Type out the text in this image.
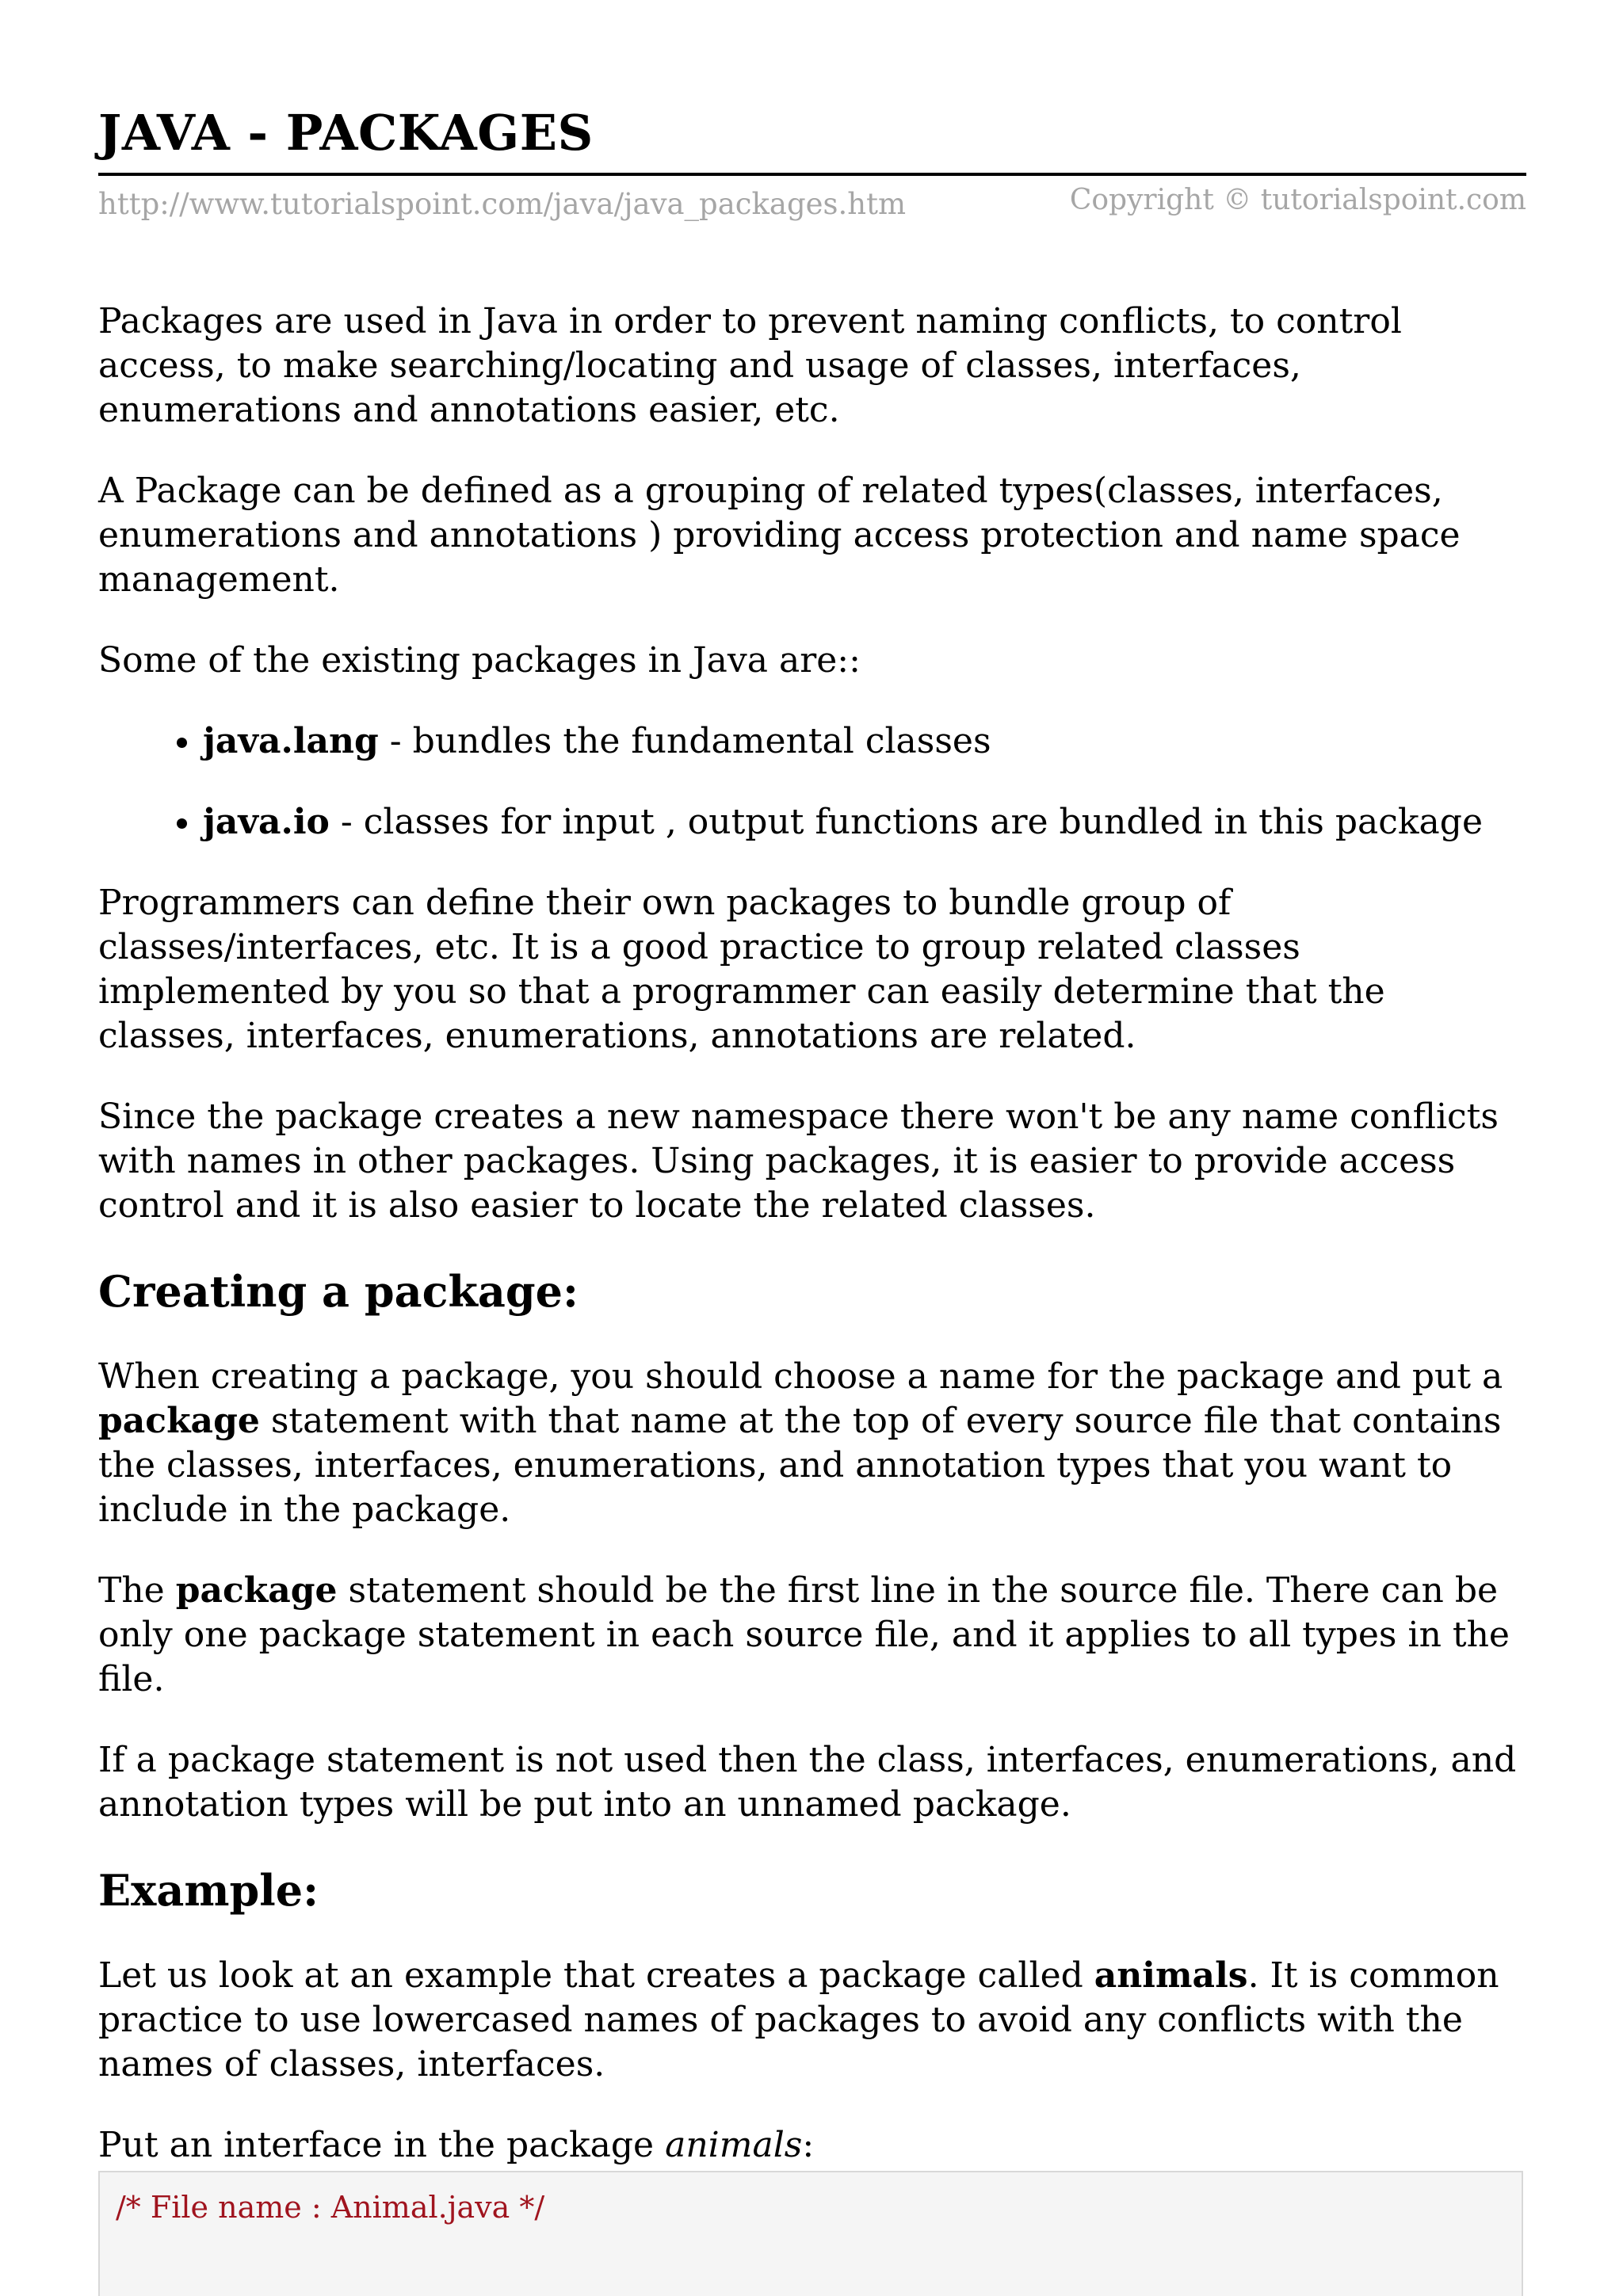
JAVA - PACKAGES
http://www.tutorialspoint.com/java/java_packages.htm	Copyright © tutorialspoint.com

Packages are used in Java in order to prevent naming conflicts, to control access, to make searching/locating and usage of classes, interfaces, enumerations and annotations easier, etc.

A Package can be defined as a grouping of related types(classes, interfaces, enumerations and annotations ) providing access protection and name space management.

Some of the existing packages in Java are::

• java.lang - bundles the fundamental classes
• java.io - classes for input , output functions are bundled in this package

Programmers can define their own packages to bundle group of classes/interfaces, etc. It is a good practice to group related classes implemented by you so that a programmer can easily determine that the classes, interfaces, enumerations, annotations are related.

Since the package creates a new namespace there won't be any name conflicts with names in other packages. Using packages, it is easier to provide access control and it is also easier to locate the related classes.

Creating a package:

When creating a package, you should choose a name for the package and put a package statement with that name at the top of every source file that contains the classes, interfaces, enumerations, and annotation types that you want to include in the package.

The package statement should be the first line in the source file. There can be only one package statement in each source file, and it applies to all types in the file.

If a package statement is not used then the class, interfaces, enumerations, and annotation types will be put into an unnamed package.

Example:

Let us look at an example that creates a package called animals. It is common practice to use lowercased names of packages to avoid any conflicts with the names of classes, interfaces.

Put an interface in the package animals:

/* File name : Animal.java */
